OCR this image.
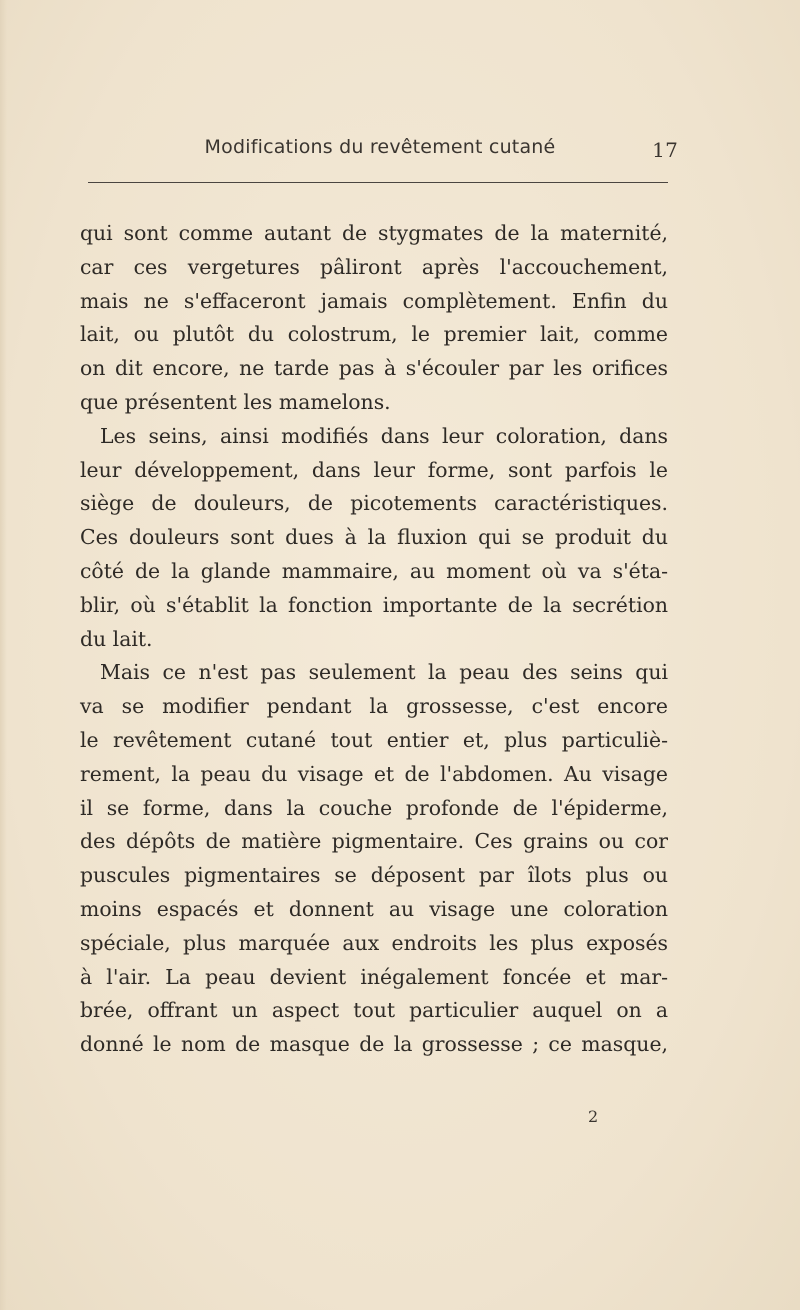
Modifications du revêtement cutané	17
qui sont comme autant de stygmates de la maternité,
car ces vergetures pâliront après l'accouchement,
mais ne s'effaceront jamais complètement. Enfin du
lait, ou plutôt du colostrum, le premier lait, comme
on dit encore, ne tarde pas à s'écouler par les orifices
que présentent les mamelons.
Les seins, ainsi modifiés dans leur coloration, dans
leur développement, dans leur forme, sont parfois le
siège de douleurs, de picotements caractéristiques.
Ces douleurs sont dues à la fluxion qui se produit du
côté de la glande mammaire, au moment où va s'éta-
blir, où s'établit la fonction importante de la secrétion
du lait.
Mais ce n'est pas seulement la peau des seins qui
va se modifier pendant la grossesse, c'est encore
le revêtement cutané tout entier et, plus particuliè-
rement, la peau du visage et de l'abdomen. Au visage
il se forme, dans la couche profonde de l'épiderme,
des dépôts de matière pigmentaire. Ces grains ou cor
puscules pigmentaires se déposent par îlots plus ou
moins espacés et donnent au visage une coloration
spéciale, plus marquée aux endroits les plus exposés
à l'air. La peau devient inégalement foncée et mar-
brée, offrant un aspect tout particulier auquel on a
donné le nom de masque de la grossesse ; ce masque,
2
